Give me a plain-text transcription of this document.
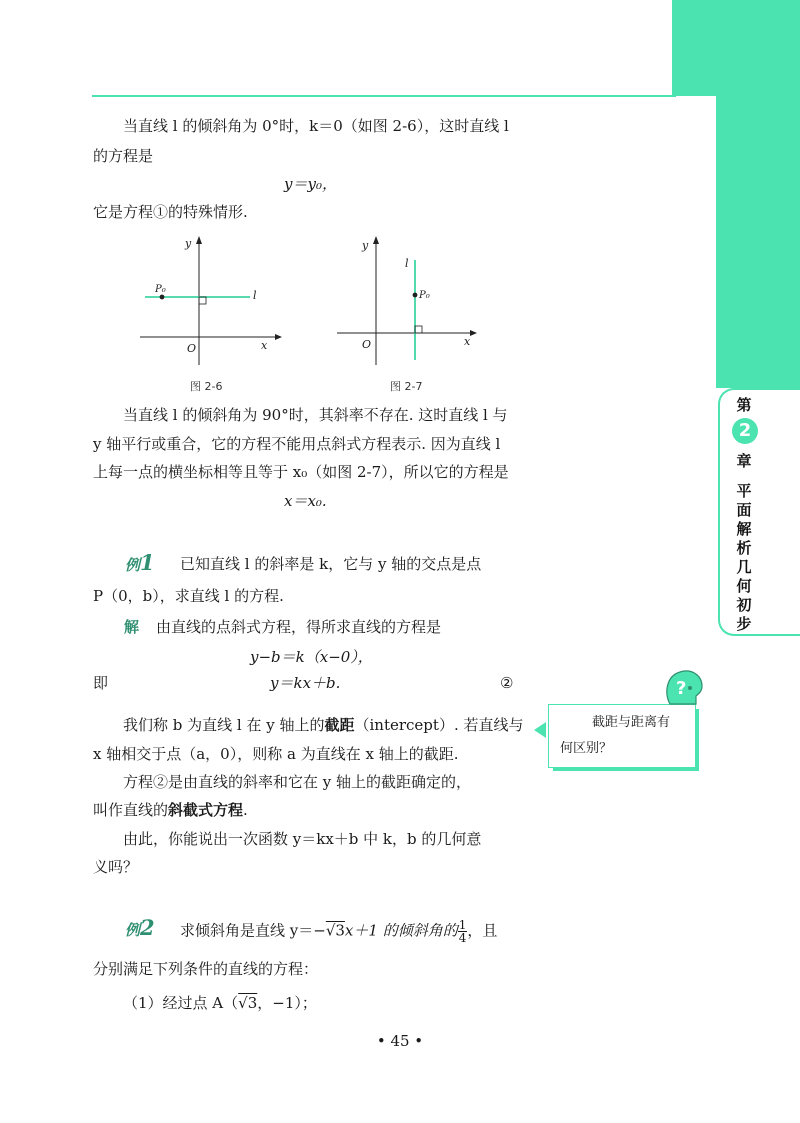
第
2
章
平
面
解
析
几
何
初
步
当直线 l 的倾斜角为 0°时，k＝0（如图 2-6），这时直线 l
的方程是
y＝y₀，
它是方程①的特殊情形.
y
x
O
P₀	l
图 2-6
y
x
O
P₀
l
图 2-7
当直线 l 的倾斜角为 90°时，其斜率不存在. 这时直线 l 与
y 轴平行或重合，它的方程不能用点斜式方程表示. 因为直线 l
上每一点的横坐标相等且等于 x₀（如图 2-7），所以它的方程是
x＝x₀.
例1 已知直线 l 的斜率是 k，它与 y 轴的交点是点
P（0，b），求直线 l 的方程.
解 由直线的点斜式方程，得所求直线的方程是
y−b＝k（x−0），
即	y＝kx＋b.	②
我们称 b 为直线 l 在 y 轴上的截距（intercept）. 若直线与
x 轴相交于点（a，0），则称 a 为直线在 x 轴上的截距.
方程②是由直线的斜率和它在 y 轴上的截距确定的，
叫作直线的斜截式方程.
由此，你能说出一次函数 y＝kx＋b 中 k，b 的几何意
义吗？
?
截距与距离有
何区别？
例2 求倾斜角是直线 y＝−√3x＋1 的倾斜角的 $\frac{1}{4}$ ，且
分别满足下列条件的直线的方程：
（1）经过点 A（√3，−1）；
• 45 •
